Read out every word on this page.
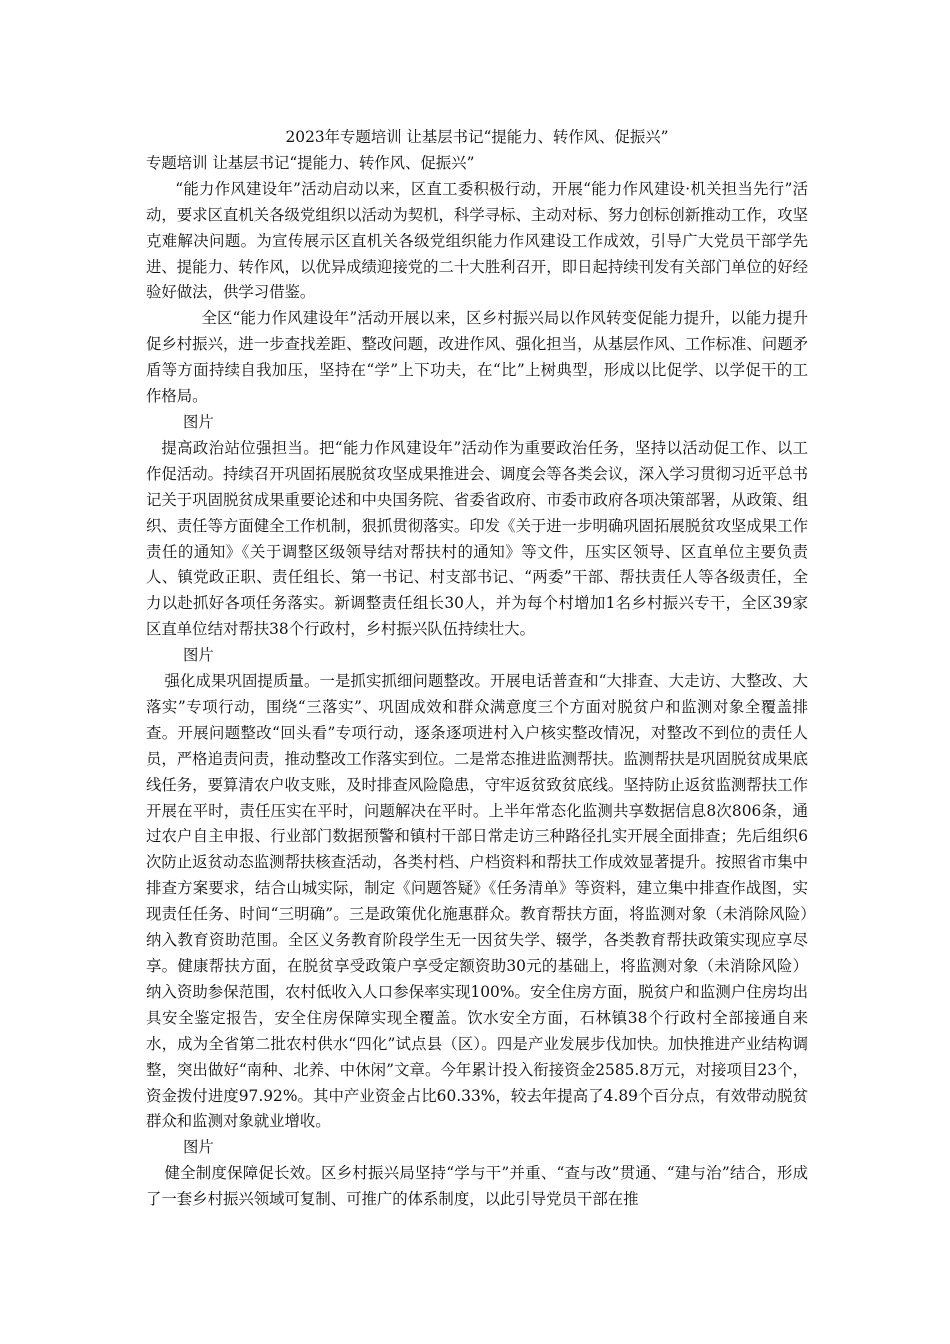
2023年专题培训 让基层书记“提能力、转作风、促振兴”

专题培训 让基层书记“提能力、转作风、促振兴”

“能力作风建设年”活动启动以来，区直工委积极行动，开展“能力作风建设·机关担当先行”活动，要求区直机关各级党组织以活动为契机，科学寻标、主动对标、努力创标创新推动工作，攻坚克难解决问题。为宣传展示区直机关各级党组织能力作风建设工作成效，引导广大党员干部学先进、提能力、转作风，以优异成绩迎接党的二十大胜利召开，即日起持续刊发有关部门单位的好经验好做法，供学习借鉴。

全区“能力作风建设年”活动开展以来，区乡村振兴局以作风转变促能力提升，以能力提升促乡村振兴，进一步查找差距、整改问题，改进作风、强化担当，从基层作风、工作标准、问题矛盾等方面持续自我加压，坚持在“学”上下功夫，在“比”上树典型，形成以比促学、以学促干的工作格局。

图片

提高政治站位强担当。把“能力作风建设年”活动作为重要政治任务，坚持以活动促工作、以工作促活动。持续召开巩固拓展脱贫攻坚成果推进会、调度会等各类会议，深入学习贯彻习近平总书记关于巩固脱贫成果重要论述和中央国务院、省委省政府、市委市政府各项决策部署，从政策、组织、责任等方面健全工作机制，狠抓贯彻落实。印发《关于进一步明确巩固拓展脱贫攻坚成果工作责任的通知》《关于调整区级领导结对帮扶村的通知》等文件，压实区领导、区直单位主要负责人、镇党政正职、责任组长、第一书记、村支部书记、“两委”干部、帮扶责任人等各级责任，全力以赴抓好各项任务落实。新调整责任组长30人，并为每个村增加1名乡村振兴专干，全区39家区直单位结对帮扶38个行政村，乡村振兴队伍持续壮大。

图片

强化成果巩固提质量。一是抓实抓细问题整改。开展电话普查和“大排查、大走访、大整改、大落实”专项行动，围绕“三落实”、巩固成效和群众满意度三个方面对脱贫户和监测对象全覆盖排查。开展问题整改“回头看”专项行动，逐条逐项进村入户核实整改情况，对整改不到位的责任人员，严格追责问责，推动整改工作落实到位。二是常态推进监测帮扶。监测帮扶是巩固脱贫成果底线任务，要算清农户收支账，及时排查风险隐患，守牢返贫致贫底线。坚持防止返贫监测帮扶工作开展在平时，责任压实在平时，问题解决在平时。上半年常态化监测共享数据信息8次806条，通过农户自主申报、行业部门数据预警和镇村干部日常走访三种路径扎实开展全面排查；先后组织6次防止返贫动态监测帮扶核查活动，各类村档、户档资料和帮扶工作成效显著提升。按照省市集中排查方案要求，结合山城实际，制定《问题答疑》《任务清单》等资料，建立集中排查作战图，实现责任任务、时间“三明确”。三是政策优化施惠群众。教育帮扶方面，将监测对象（未消除风险）纳入教育资助范围。全区义务教育阶段学生无一因贫失学、辍学，各类教育帮扶政策实现应享尽享。健康帮扶方面，在脱贫享受政策户享受定额资助30元的基础上，将监测对象（未消除风险）纳入资助参保范围，农村低收入人口参保率实现100%。安全住房方面，脱贫户和监测户住房均出具安全鉴定报告，安全住房保障实现全覆盖。饮水安全方面，石林镇38个行政村全部接通自来水，成为全省第二批农村供水“四化”试点县（区）。四是产业发展步伐加快。加快推进产业结构调整，突出做好“南种、北养、中休闲”文章。今年累计投入衔接资金2585.8万元，对接项目23个，资金拨付进度97.92%。其中产业资金占比60.33%，较去年提高了4.89个百分点，有效带动脱贫群众和监测对象就业增收。

图片

健全制度保障促长效。区乡村振兴局坚持“学与干”并重、“查与改”贯通、“建与治”结合，形成了一套乡村振兴领域可复制、可推广的体系制度，以此引导党员干部在推
